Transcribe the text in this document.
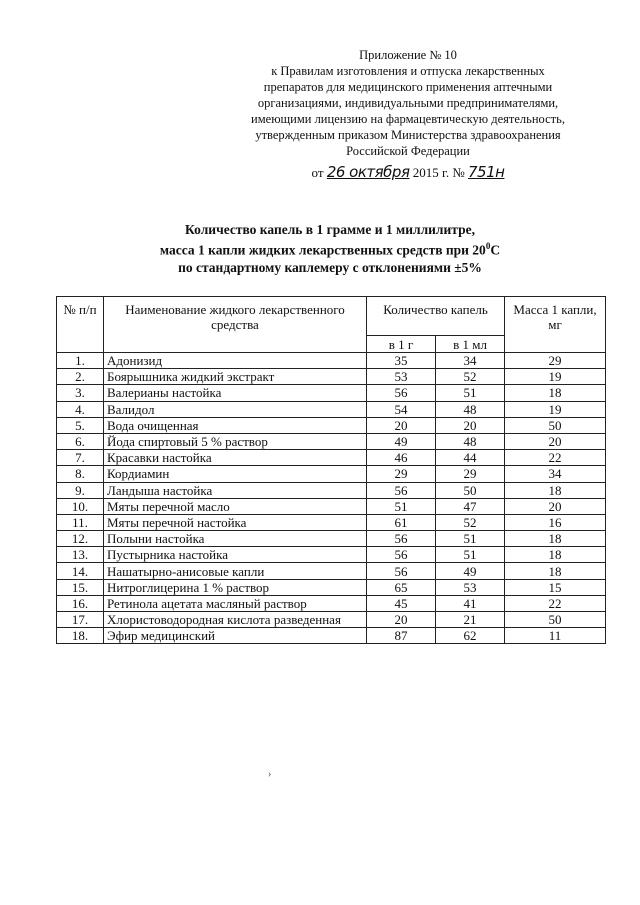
Приложение № 10
к Правилам изготовления и отпуска лекарственных
препаратов для медицинского применения аптечными
организациями, индивидуальными предпринимателями,
имеющими лицензию на фармацевтическую деятельность,
утвержденным приказом Министерства здравоохранения
Российской Федерации
от 26 октября 2015 г. № 751н
Количество капель в 1 грамме и 1 миллилитре,
масса 1 капли жидких лекарственных средств при $20^0С$
по стандартному каплемеру с отклонениями ±5%
№ п/п	Наименование жидкого лекарственного средства	Количество капель		Масса 1 капли, мг
		в 1 г	в 1 мл	
1.	Адонизид	35	34	29
2.	Боярышника жидкий экстракт	53	52	19
3.	Валерианы настойка	56	51	18
4.	Валидол	54	48	19
5.	Вода очищенная	20	20	50
6.	Йода спиртовый 5 % раствор	49	48	20
7.	Красавки настойка	46	44	22
8.	Кордиамин	29	29	34
9.	Ландыша настойка	56	50	18
10.	Мяты перечной масло	51	47	20
11.	Мяты перечной настойка	61	52	16
12.	Полыни настойка	56	51	18
13.	Пустырника настойка	56	51	18
14.	Нашатырно-анисовые капли	56	49	18
15.	Нитроглицерина 1 % раствор	65	53	15
16.	Ретинола ацетата масляный раствор	45	41	22
17.	Хлористоводородная кислота разведенная	20	21	50
18.	Эфир медицинский	87	62	11
›
